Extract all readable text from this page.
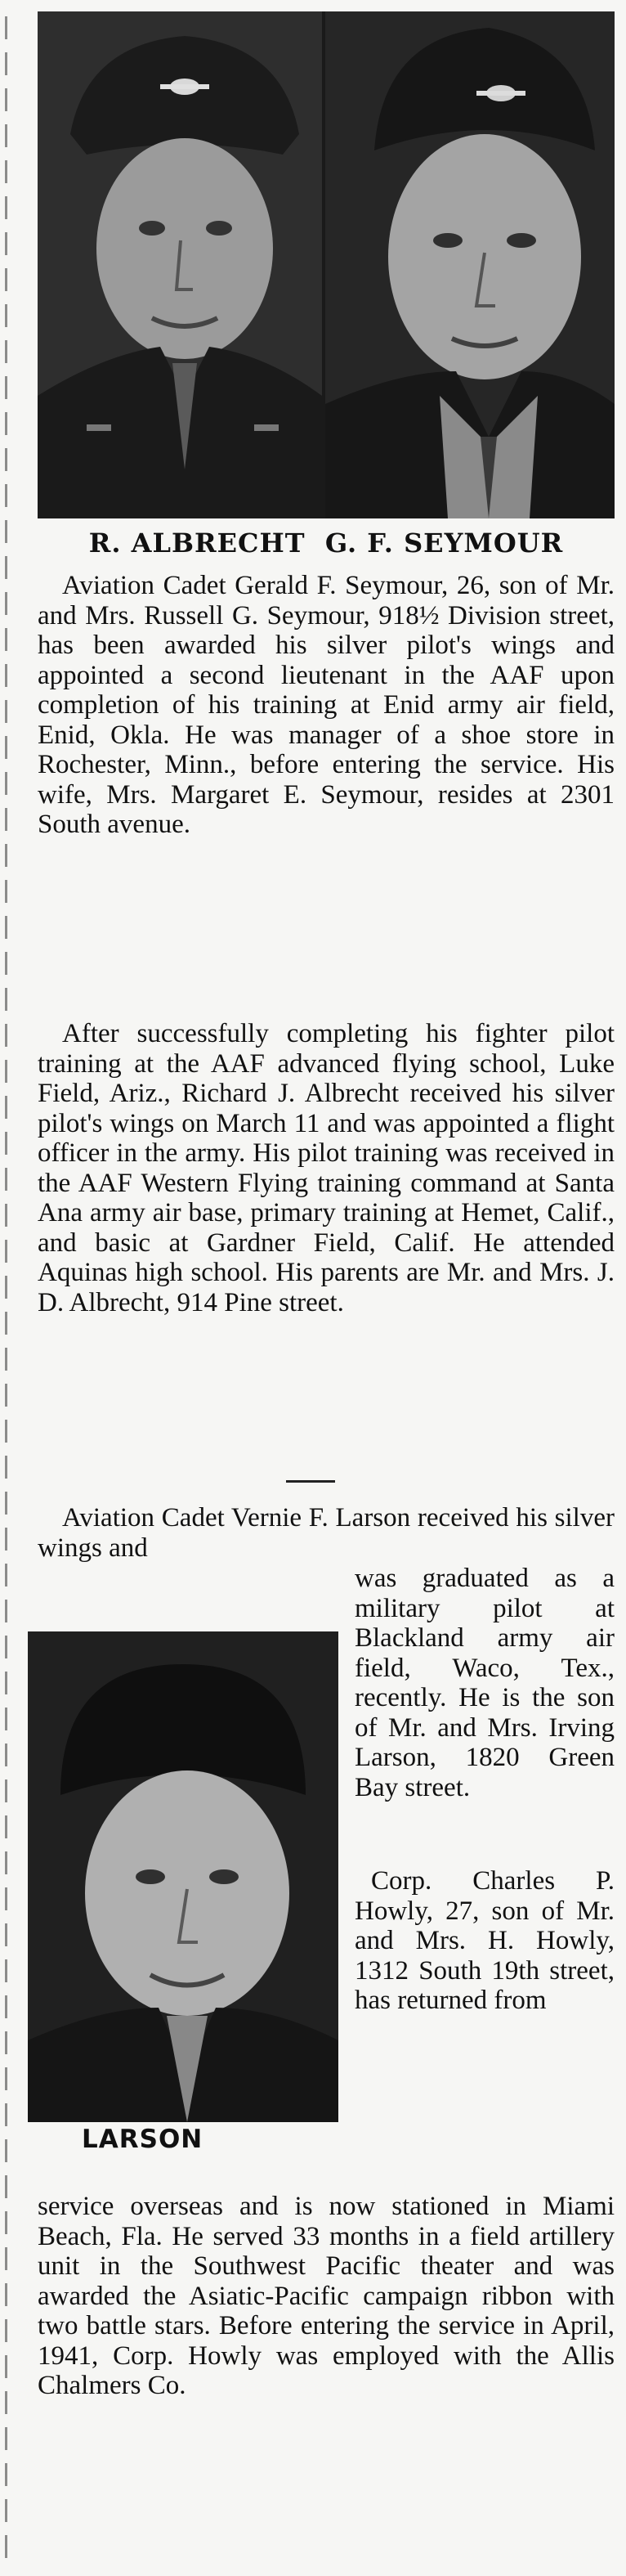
R. ALBRECHT G. F. SEYMOUR

Aviation Cadet Gerald F. Seymour, 26, son of Mr. and Mrs. Russell G. Seymour, 918½ Division street, has been awarded his silver pilot's wings and appointed a second lieutenant in the AAF upon completion of his training at Enid army air field, Enid, Okla. He was manager of a shoe store in Rochester, Minn., before entering the service. His wife, Mrs. Margaret E. Seymour, resides at 2301 South avenue.

After successfully completing his fighter pilot training at the AAF advanced flying school, Luke Field, Ariz., Richard J. Albrecht received his silver pilot's wings on March 11 and was appointed a flight officer in the army. His pilot training was received in the AAF Western Flying training command at Santa Ana army air base, primary training at Hemet, Calif., and basic at Gardner Field, Calif. He attended Aquinas high school. His parents are Mr. and Mrs. J. D. Albrecht, 914 Pine street.

Aviation Cadet Vernie F. Larson received his silver wings and

was graduated as a military pilot at Blackland army air field, Waco, Tex., recently. He is the son of Mr. and Mrs. Irving Larson, 1820 Green Bay street.

Corp. Charles P. Howly, 27, son of Mr. and Mrs. H. Howly, 1312 South 19th street, has returned from

LARSON

service overseas and is now stationed in Miami Beach, Fla. He served 33 months in a field artillery unit in the Southwest Pacific theater and was awarded the Asiatic-Pacific campaign ribbon with two battle stars. Before entering the service in April, 1941, Corp. Howly was employed with the Allis Chalmers Co.
